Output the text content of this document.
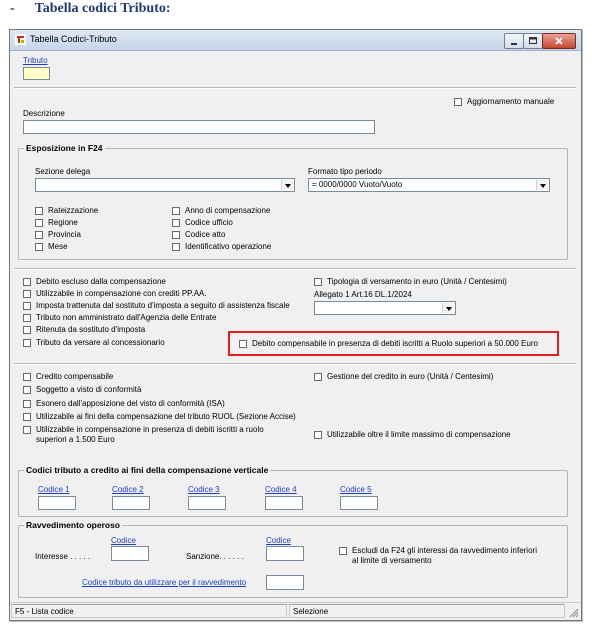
- Tabella codici Tributo:
Tabella Codici-Tributo
Tributo
Aggiornamento manuale
Descrizione
Esposizione in F24
Sezione delega	Formato tipo periodo
= 0000/0000 Vuoto/Vuoto
Rateizzazione
Regione
Provincia
Mese
Anno di compensazione
Codice ufficio
Codice atto
Identificativo operazione
Debito escluso dalla compensazione
Utilizzabile in compensazione con crediti PP.AA.
Imposta trattenuta dal sostituto d'imposta a seguito di assistenza fiscale
Tributo non amministrato dall'Agenzia delle Entrate
Ritenuta da sostituto d'imposta
Tributo da versare al concessionario
Tipologia di versamento in euro (Unità / Centesimi)
Allegato 1 Art.16 DL.1/2024
Debito compensabile in presenza di debiti iscritti a Ruolo superiori a 50.000 Euro
Credito compensabile
Soggetto a visto di conformità
Esonero dall'apposizione del visto di conformità (ISA)
Utilizzabile ai fini della compensazione del tributo RUOL (Sezione Accise)
Utilizzabile in compensazione in presenza di debiti iscritti a ruolo
superiori a 1.500 Euro
Gestione del credito in euro (Unità / Centesimi)
Utilizzabile oltre il limite massimo di compensazione
Codici tributo a credito ai fini della compensazione verticale
Codice 1	Codice 2	Codice 3	Codice 4	Codice 5
Ravvedimento operoso
Codice
Interesse . . . . .
Codice
Sanzione. . . . . .
Escludi da F24 gli interessi da ravvedimento inferiori
al limite di versamento
Codice tributo da utilizzare per il ravvedimento
F5 - Lista codice	Selezione
